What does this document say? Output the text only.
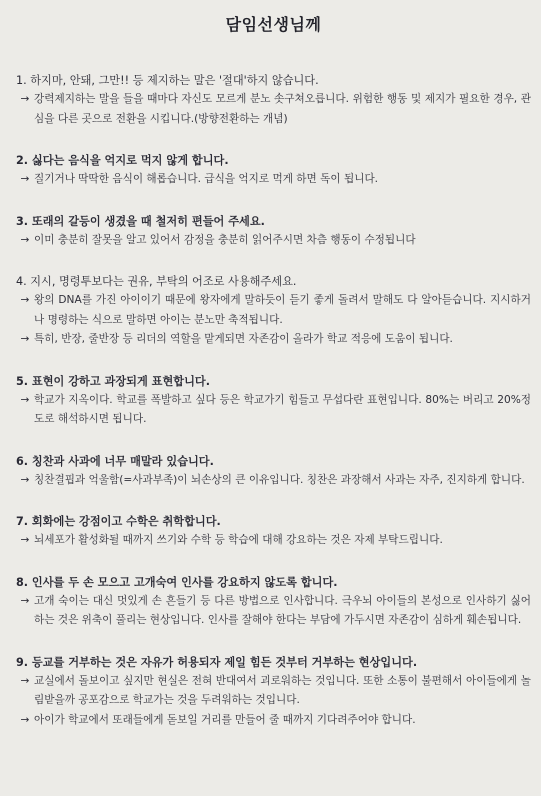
담임선생님께

1. 하지마, 안돼, 그만!! 등 제지하는 말은 '절대'하지 않습니다.

→ 강력제지하는 말을 들을 때마다 자신도 모르게 분노 솟구쳐오릅니다. 위험한 행동 및 제지가 필요한 경우, 관심을 다른 곳으로 전환을 시킵니다.(방향전환하는 개념)

2. 싫다는 음식을 억지로 먹지 않게 합니다.

→ 질기거나 딱딱한 음식이 해롭습니다. 급식을 억지로 먹게 하면 독이 됩니다.

3. 또래의 갈등이 생겼을 때 철저히 편들어 주세요.

→ 이미 충분히 잘못을 알고 있어서 감정을 충분히 읽어주시면 차츰 행동이 수정됩니다

4. 지시, 명령투보다는 권유, 부탁의 어조로 사용해주세요.

→ 왕의 DNA를 가진 아이이기 때문에 왕자에게 말하듯이 듣기 좋게 돌려서 말해도 다 알아듣습니다. 지시하거나 명령하는 식으로 말하면 아이는 분노만 축적됩니다.

→ 특히, 반장, 줄반장 등 리더의 역할을 맡게되면 자존감이 올라가 학교 적응에 도움이 됩니다.

5. 표현이 강하고 과장되게 표현합니다.

→ 학교가 지옥이다. 학교를 폭발하고 싶다 등은 학교가기 힘들고 무섭다란 표현입니다. 80%는 버리고 20%정도로 해석하시면 됩니다.

6. 칭찬과 사과에 너무 매말라 있습니다.

→ 칭찬결핍과 억울함(=사과부족)이 뇌손상의 큰 이유입니다. 칭찬은 과장해서 사과는 자주, 진지하게 합니다.

7. 회화에는 강점이고 수학은 취학합니다.

→ 뇌세포가 활성화될 때까지 쓰기와 수학 등 학습에 대해 강요하는 것은 자제 부탁드립니다.

8. 인사를 두 손 모으고 고개숙여 인사를 강요하지 않도록 합니다.

→ 고개 숙이는 대신 멋있게 손 흔들기 등 다른 방법으로 인사합니다. 극우뇌 아이들의 본성으로 인사하기 싫어하는 것은 위축이 풀리는 현상입니다. 인사를 잘해야 한다는 부담에 가두시면 자존감이 심하게 훼손됩니다.

9. 등교를 거부하는 것은 자유가 허용되자 제일 힘든 것부터 거부하는 현상입니다.

→ 교실에서 돌보이고 싶지만 현실은 전혀 반대여서 괴로워하는 것입니다. 또한 소통이 불편해서 아이들에게 놀림받을까 공포감으로 학교가는 것을 두려워하는 것입니다.

→ 아이가 학교에서 또래들에게 돋보일 거리를 만들어 줄 때까지 기다려주어야 합니다.
